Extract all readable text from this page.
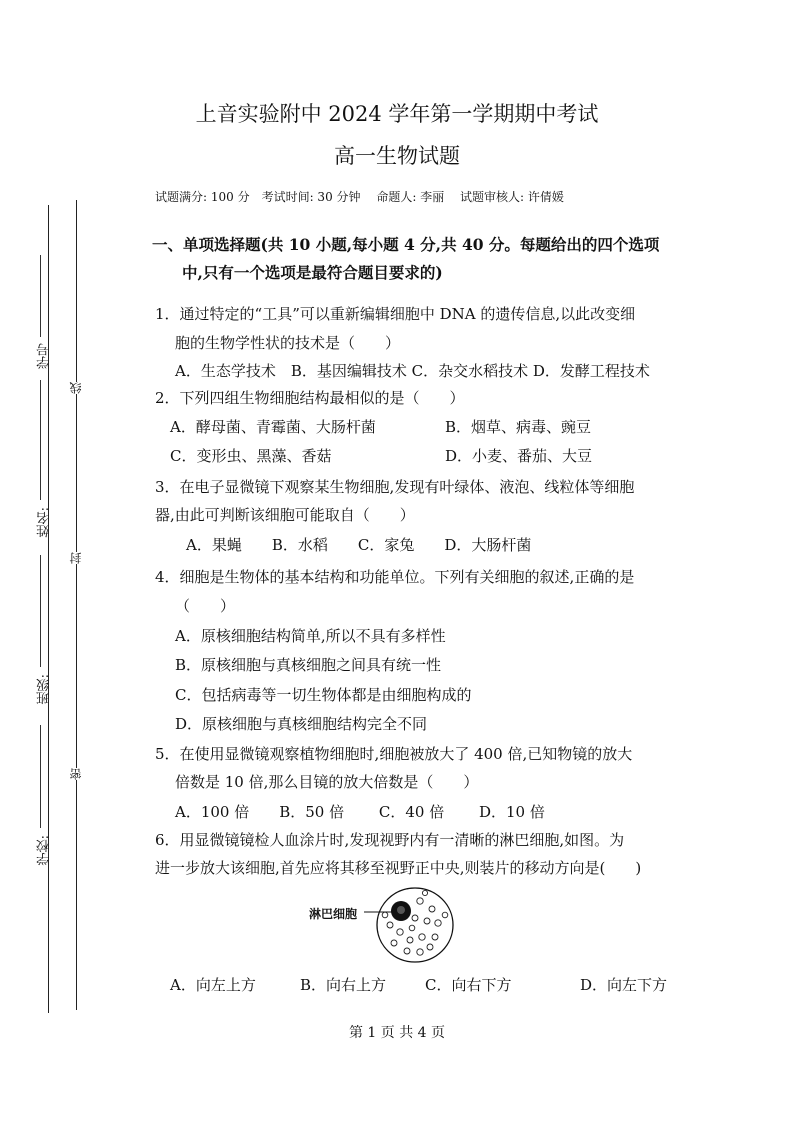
学号
姓名:
班级:
学校:
线
封
密
上音实验附中 2024 学年第一学期期中考试
高一生物试题
试题满分: 100 分　考试时间: 30 分钟　 命题人: 李丽　 试题审核人: 许倩媛
一、单项选择题(共 10 小题,每小题 4 分,共 40 分。每题给出的四个选项
中,只有一个选项是最符合题目要求的)
1．通过特定的“工具”可以重新编辑细胞中 DNA 的遗传信息,以此改变细
胞的生物学性状的技术是（　　）
A．生态学技术　B．基因编辑技术 C．杂交水稻技术 D．发酵工程技术
2．下列四组生物细胞结构最相似的是（　　）
A．酵母菌、青霉菌、大肠杆菌	B．烟草、病毒、豌豆
C．变形虫、黑藻、香菇	D．小麦、番茄、大豆
3．在电子显微镜下观察某生物细胞,发现有叶绿体、液泡、线粒体等细胞
器,由此可判断该细胞可能取自（　　）
A．果蝇　　B．水稻　　C．家兔　　D．大肠杆菌
4．细胞是生物体的基本结构和功能单位。下列有关细胞的叙述,正确的是
（　　）
A．原核细胞结构简单,所以不具有多样性
B．原核细胞与真核细胞之间具有统一性
C．包括病毒等一切生物体都是由细胞构成的
D．原核细胞与真核细胞结构完全不同
5．在使用显微镜观察植物细胞时,细胞被放大了 400 倍,已知物镜的放大
倍数是 10 倍,那么目镜的放大倍数是（　　）
A．100 倍　　B．50 倍　　 C．40 倍　　 D．10 倍
6．用显微镜镜检人血涂片时,发现视野内有一清晰的淋巴细胞,如图。为
进一步放大该细胞,首先应将其移至视野正中央,则装片的移动方向是(　　)
淋巴细胞
A．向左上方	B．向右上方	C．向右下方	D．向左下方
第 1 页 共 4 页
